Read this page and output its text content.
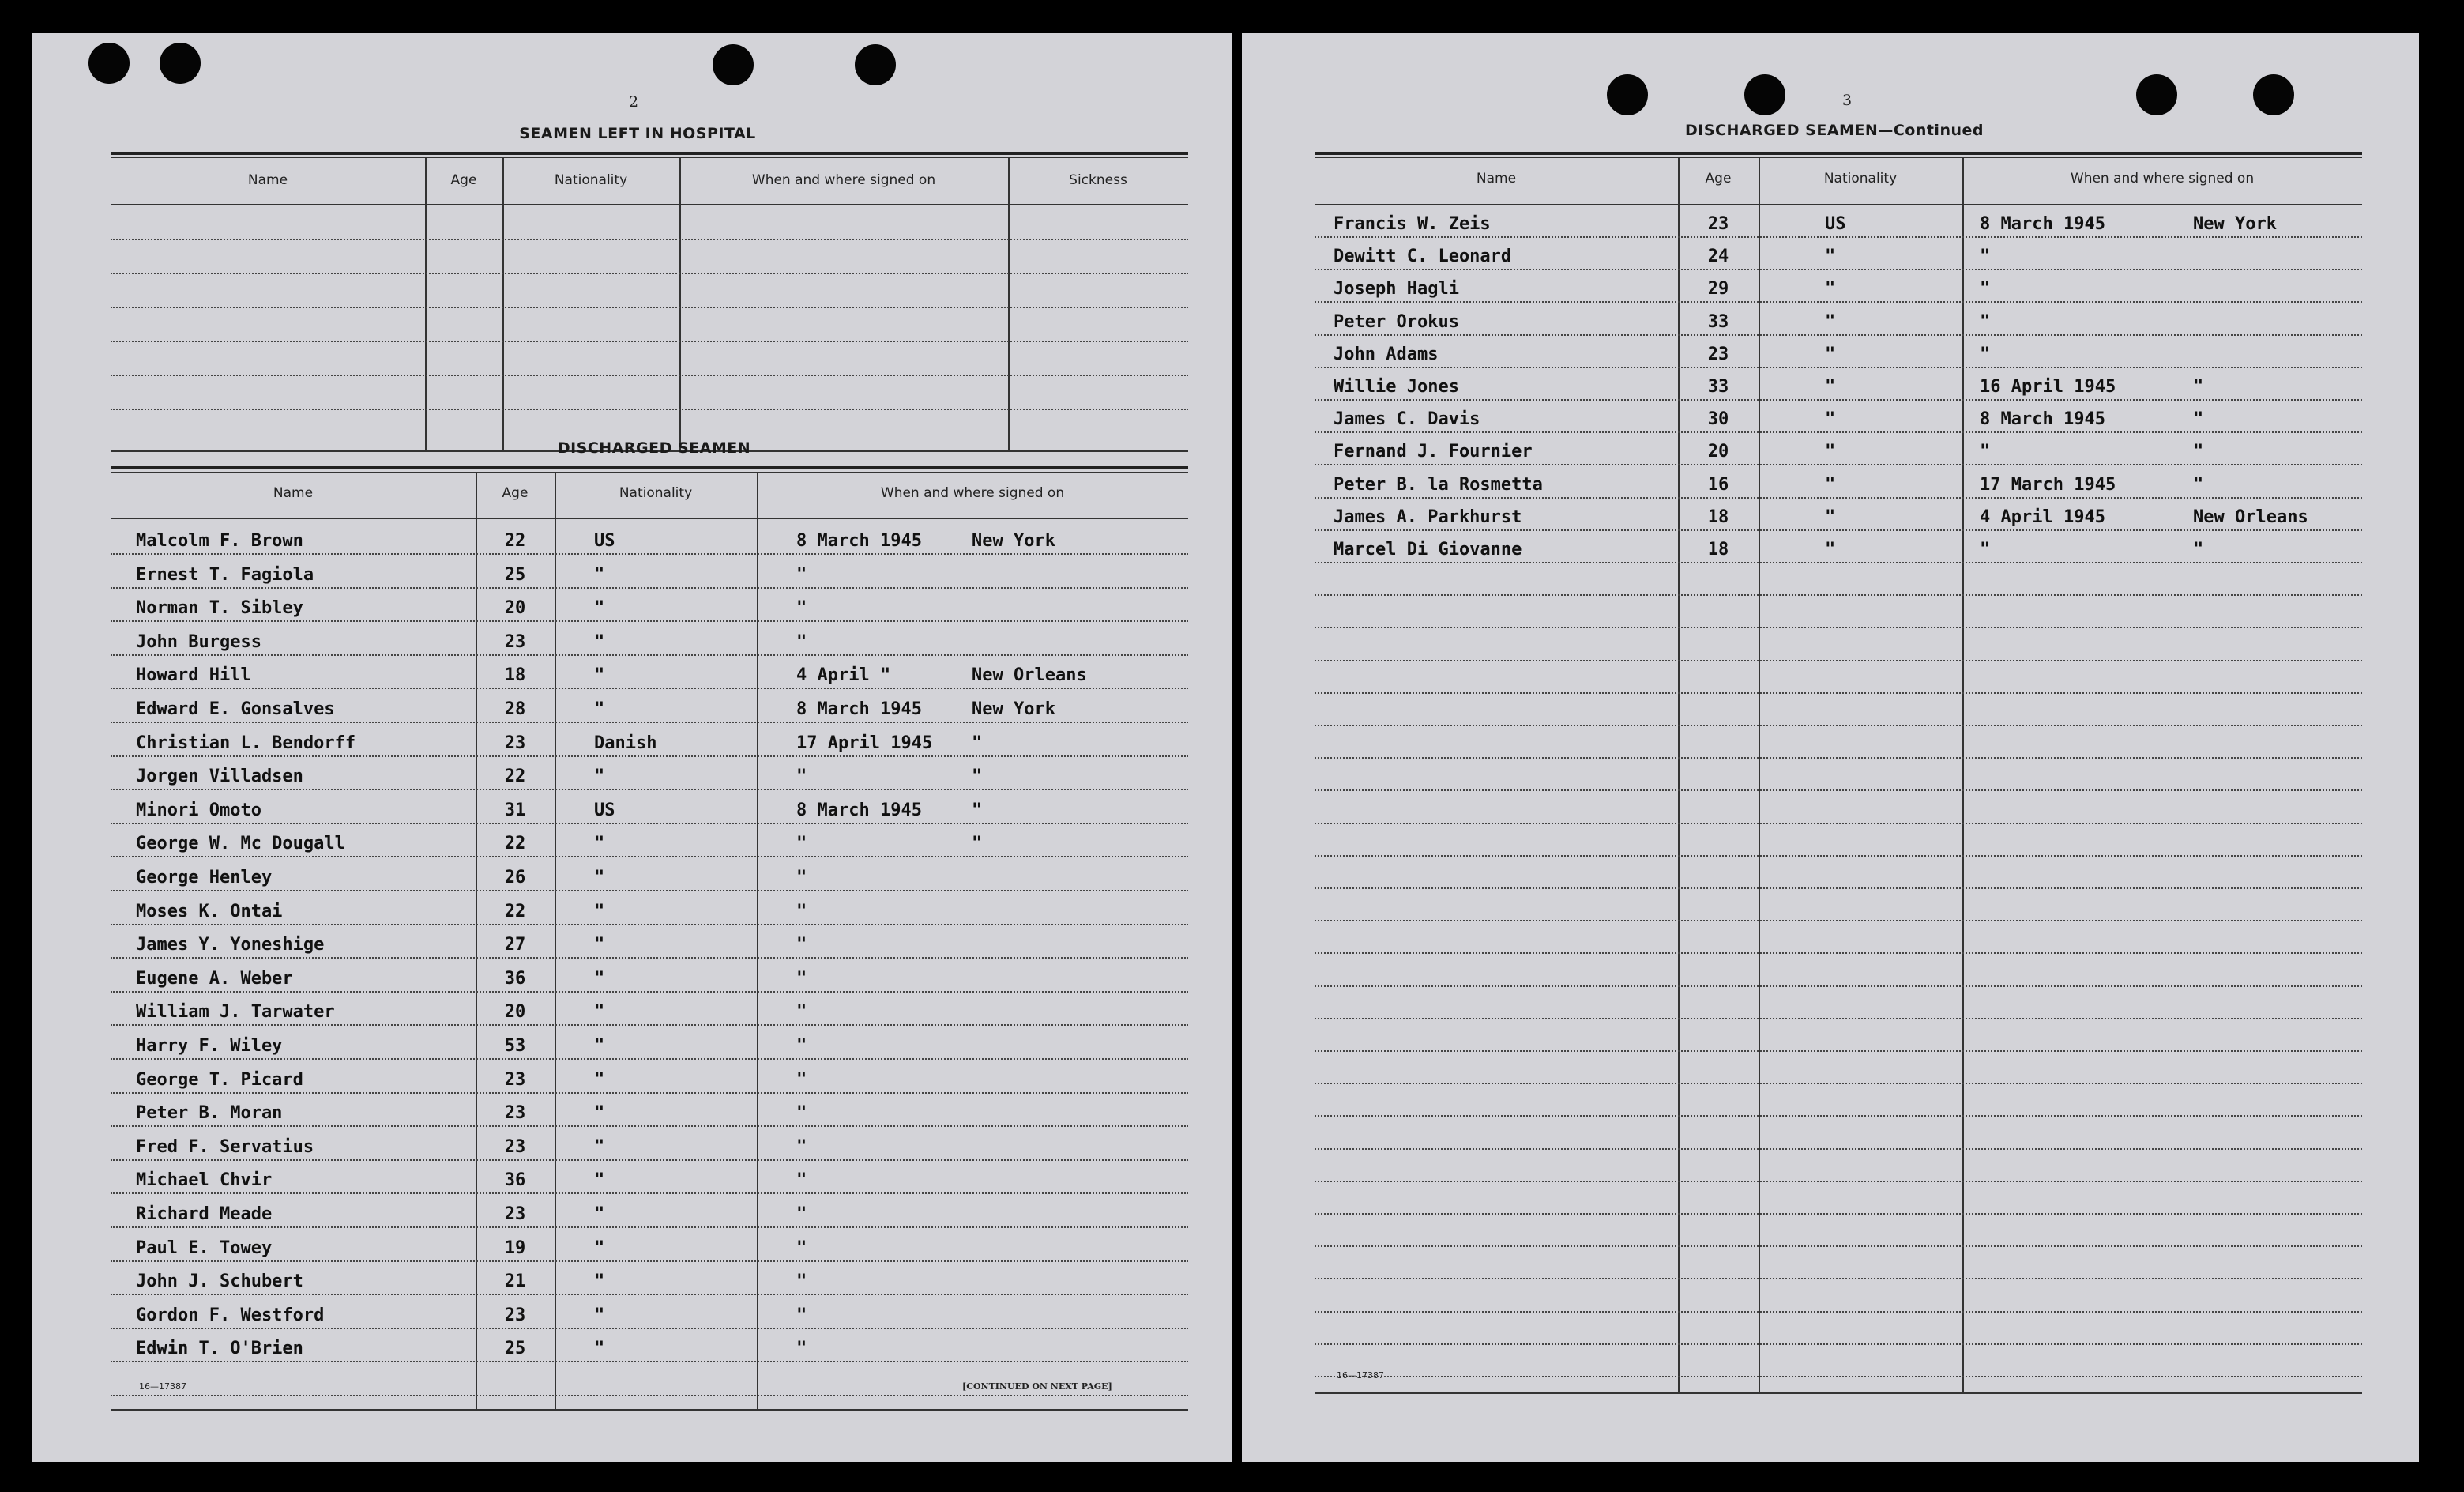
2
SEAMEN LEFT IN HOSPITAL
Name	Age	Nationality	When and where signed on	Sickness
DISCHARGED SEAMEN
Name	Age	Nationality	When and where signed on
Malcolm F. Brown	22	US	8 March 1945	New York
Ernest T. Fagiola	25	"	"
Norman T. Sibley	20	"	"
John Burgess	23	"	"
Howard Hill	18	"	4 April "	New Orleans
Edward E. Gonsalves	28	"	8 March 1945	New York
Christian L. Bendorff	23	Danish	17 April 1945 "
Jorgen Villadsen	22	"	"	"
Minori Omoto	31	US	8 March 1945	"
George W. Mc Dougall	22	"	"	"
George Henley	26	"	"
Moses K. Ontai	22	"	"
James Y. Yoneshige	27	"	"
Eugene A. Weber	36	"	"
William J. Tarwater	20	"	"
Harry F. Wiley	53	"	"
George T. Picard	23	"	"
Peter B. Moran	23	"	"
Fred F. Servatius	23	"	"
Michael Chvir	36	"	"
Richard Meade	23	"	"
Paul E. Towey	19	"	"
John J. Schubert	21	"	"
Gordon F. Westford	23	"	"
Edwin T. O'Brien	25	"	"
16—17387	[CONTINUED ON NEXT PAGE]
3
DISCHARGED SEAMEN—Continued
Name	Age	Nationality	When and where signed on
Francis W. Zeis	23	US	8 March 1945	New York
Dewitt C. Leonard	24	"	"
Joseph Hagli	29	"	"
Peter Orokus	33	"	"
John Adams	23	"	"
Willie Jones	33	"	16 April 1945	"
James C. Davis	30	"	8 March 1945	"
Fernand J. Fournier	20	"	"	"
Peter B. la Rosmetta	16	"	17 March 1945	"
James A. Parkhurst	18	"	4 April 1945	New Orleans
Marcel Di Giovanne	18	"	"	"
16—17387
